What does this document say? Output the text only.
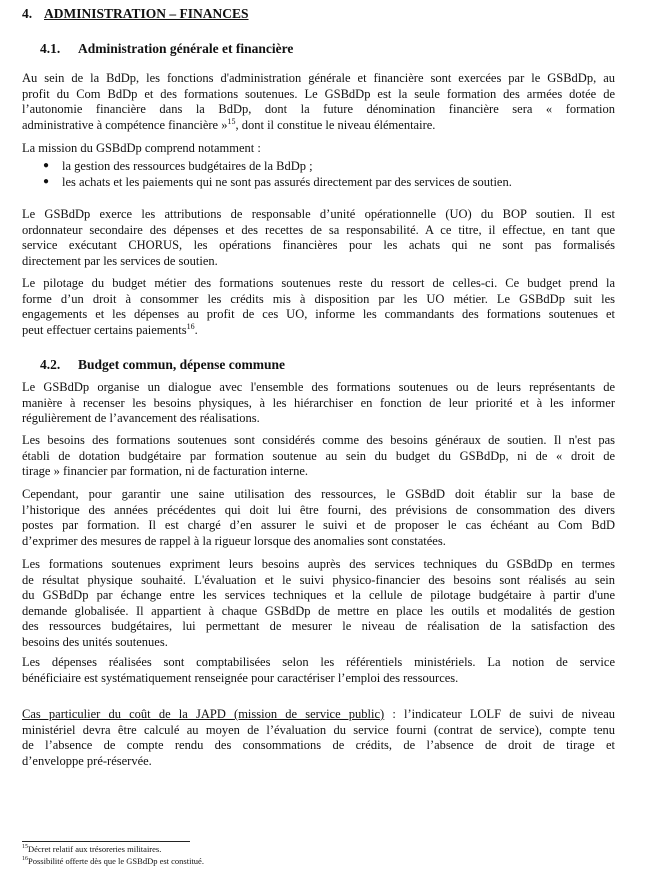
4. ADMINISTRATION – FINANCES
4.1. Administration générale et financière
Au sein de la BdDp, les fonctions d'administration générale et financière sont exercées par le GSBdDp, au
profit du Com BdDp et des formations soutenues. Le GSBdDp est la seule formation des armées dotée de
l’autonomie financière dans la BdDp, dont la future dénomination financière sera « formation
administrative à compétence financière »$^{15}$, dont il constitue le niveau élémentaire.
La mission du GSBdDp comprend notamment :
● la gestion des ressources budgétaires de la BdDp ;
● les achats et les paiements qui ne sont pas assurés directement par des services de soutien.
Le GSBdDp exerce les attributions de responsable d’unité opérationnelle (UO) du BOP soutien. Il est
ordonnateur secondaire des dépenses et des recettes de sa responsabilité. A ce titre, il effectue, en tant que
service exécutant CHORUS, les opérations financières pour les achats qui ne sont pas formalisés
directement par les services de soutien.
Le pilotage du budget métier des formations soutenues reste du ressort de celles-ci. Ce budget prend la
forme d’un droit à consommer les crédits mis à disposition par les UO métier. Le GSBdDp suit les
engagements et les dépenses au profit de ces UO, informe les commandants des formations soutenues et
peut effectuer certains paiements$^{16}$.
4.2. Budget commun, dépense commune
Le GSBdDp organise un dialogue avec l'ensemble des formations soutenues ou de leurs représentants de
manière à recenser les besoins physiques, à les hiérarchiser en fonction de leur priorité et à les informer
régulièrement de l’avancement des réalisations.
Les besoins des formations soutenues sont considérés comme des besoins généraux de soutien. Il n'est pas
établi de dotation budgétaire par formation soutenue au sein du budget du GSBdDp, ni de « droit de
tirage » financier par formation, ni de facturation interne.
Cependant, pour garantir une saine utilisation des ressources, le GSBdD doit établir sur la base de
l’historique des années précédentes qui doit lui être fourni, des prévisions de consommation des divers
postes par formation. Il est chargé d’en assurer le suivi et de proposer le cas échéant au Com BdD
d’exprimer des mesures de rappel à la rigueur lorsque des anomalies sont constatées.
Les formations soutenues expriment leurs besoins auprès des services techniques du GSBdDp en termes
de résultat physique souhaité. L'évaluation et le suivi physico-financier des besoins sont réalisés au sein
du GSBdDp par échange entre les services techniques et la cellule de pilotage budgétaire à partir d'une
demande globalisée. Il appartient à chaque GSBdDp de mettre en place les outils et modalités de gestion
des ressources budgétaires, lui permettant de mesurer le niveau de réalisation de la satisfaction des
besoins des unités soutenues.
Les dépenses réalisées sont comptabilisées selon les référentiels ministériels. La notion de service
bénéficiaire est systématiquement renseignée pour caractériser l’emploi des ressources.
Cas particulier du coût de la JAPD (mission de service public) : l’indicateur LOLF de suivi de niveau
ministériel devra être calculé au moyen de l’évaluation du service fourni (contrat de service), compte tenu
de l’absence de compte rendu des consommations de crédits, de l’absence de droit de tirage et
d’enveloppe pré-réservée.
$^{15}$Décret relatif aux trésoreries militaires.
$^{16}$Possibilité offerte dès que le GSBdDp est constitué.
